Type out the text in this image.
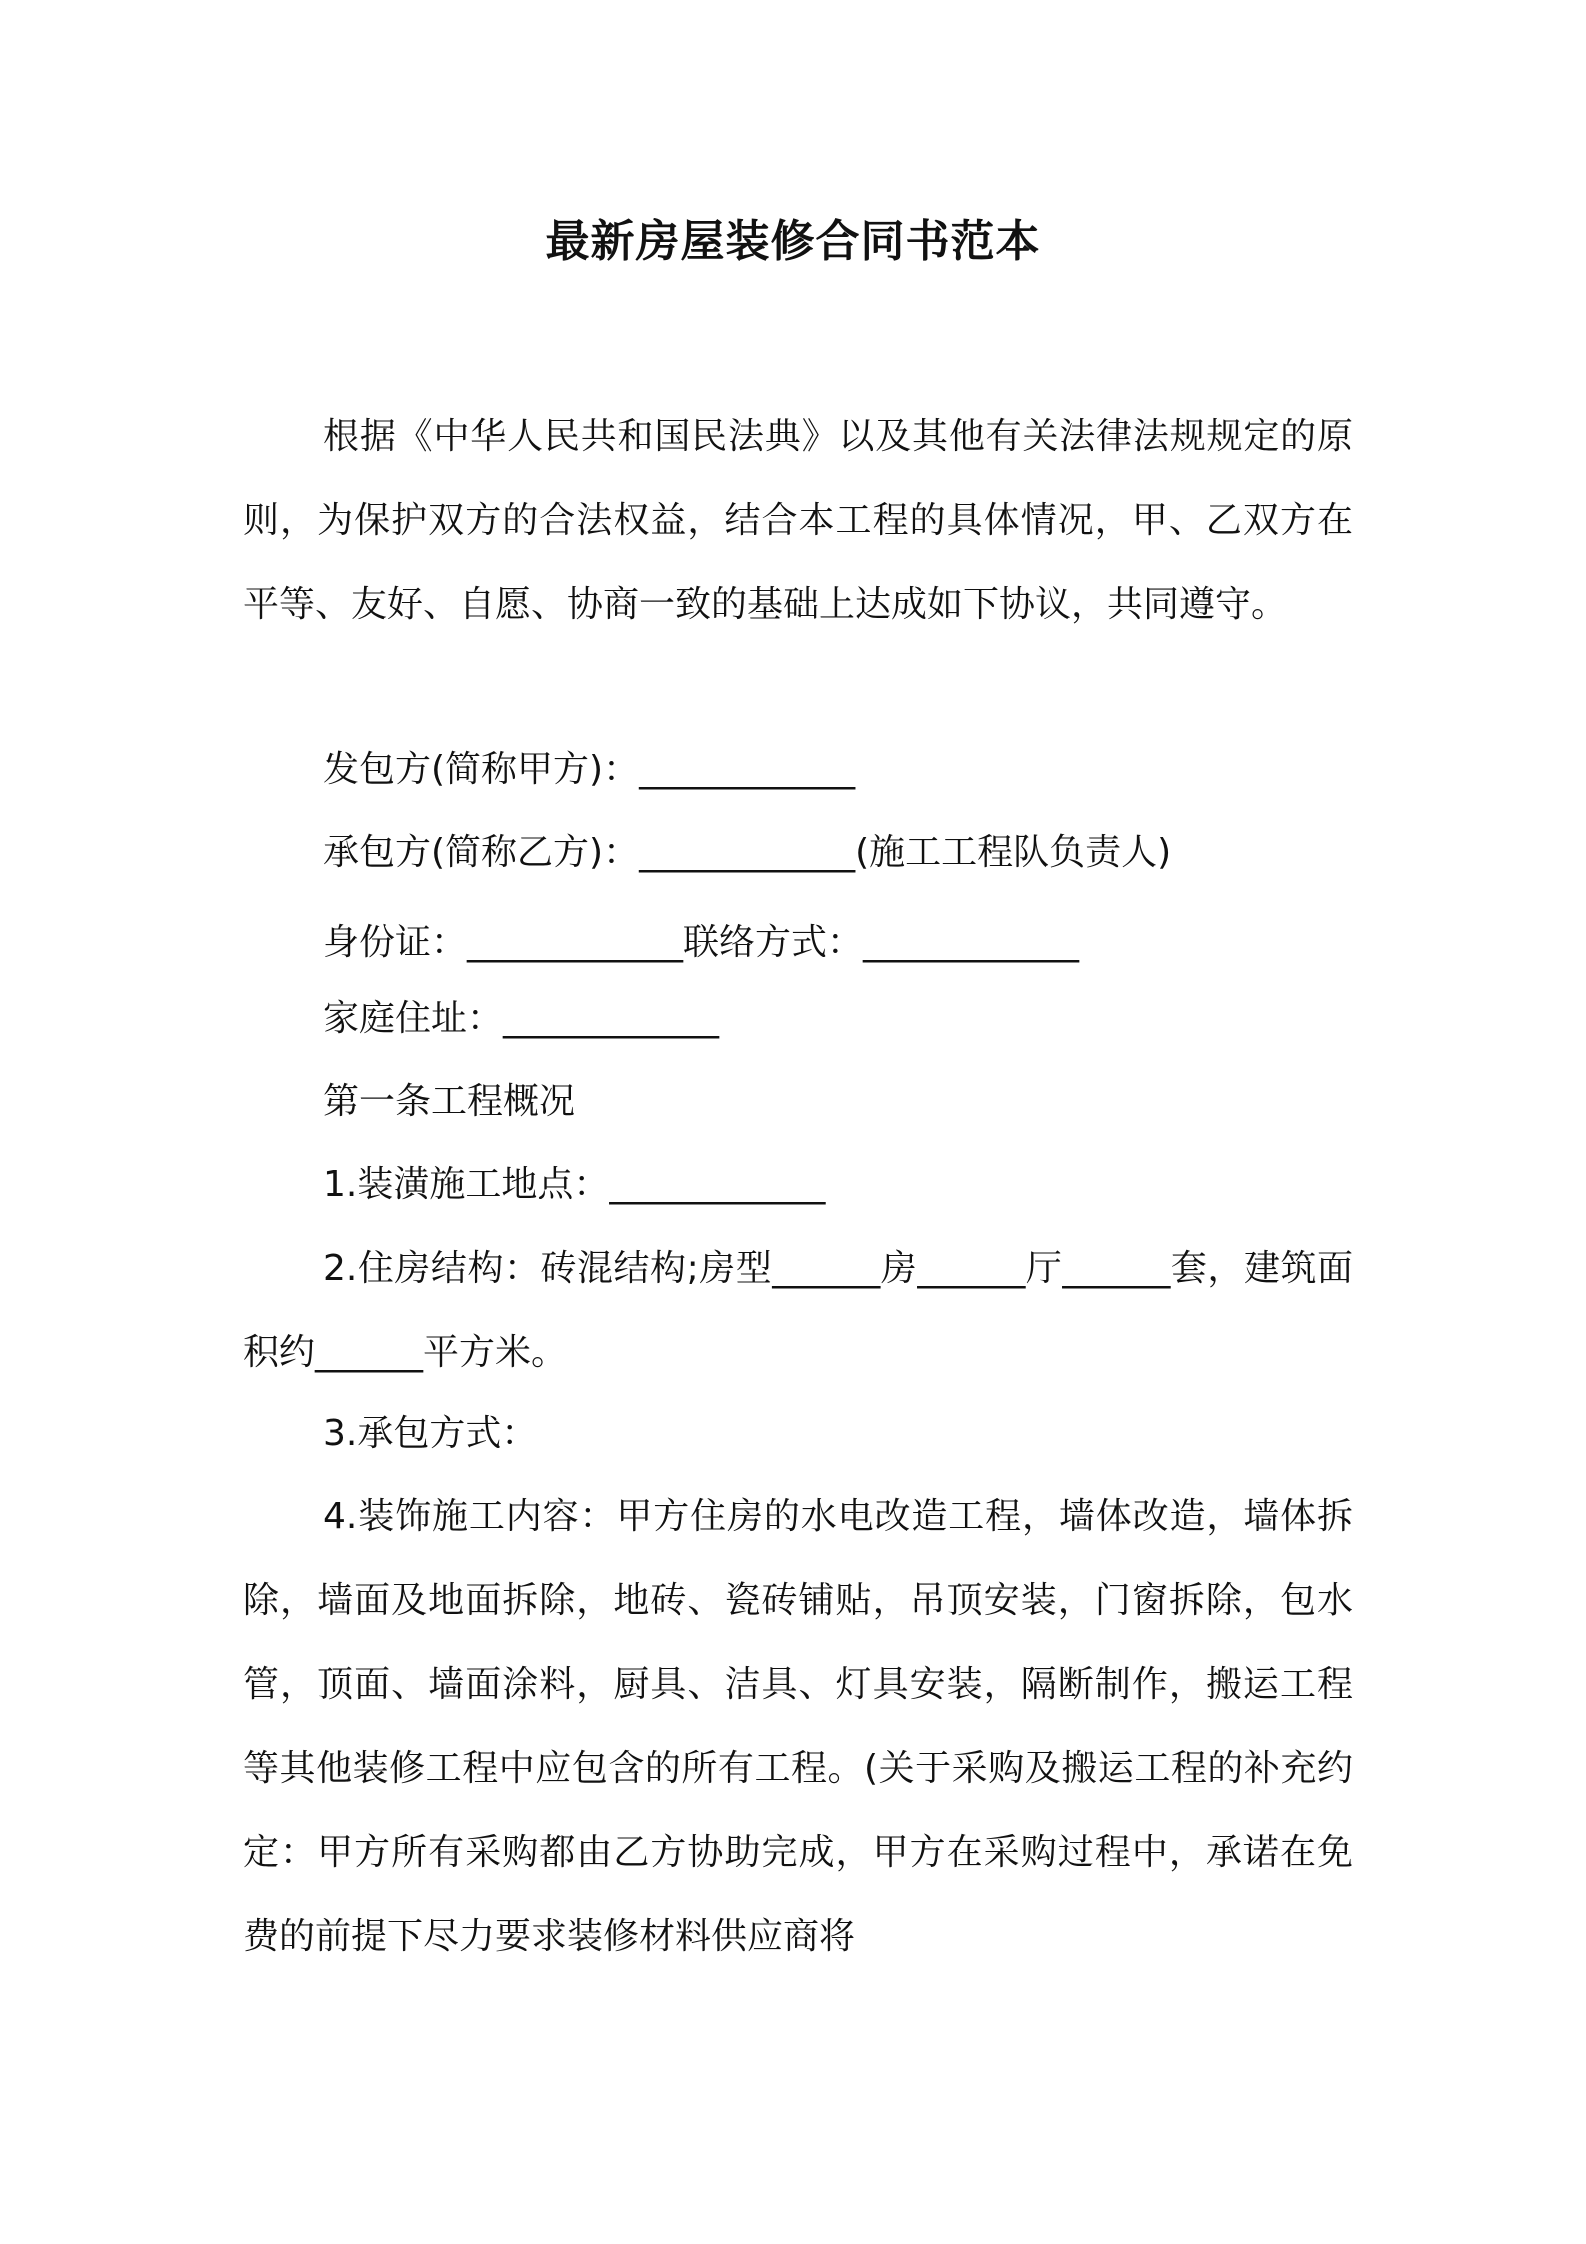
最新房屋装修合同书范本
根据《中华人民共和国民法典》以及其他有关法律法规规定的原则，为保护双方的合法权益，结合本工程的具体情况，甲、乙双方在平等、友好、自愿、协商一致的基础上达成如下协议，共同遵守。
发包方(简称甲方)：____________
承包方(简称乙方)：____________(施工工程队负责人)
身份证：____________联络方式：____________
家庭住址：____________
第一条工程概况
1.装潢施工地点：____________
2.住房结构：砖混结构;房型______房______厅______套，建筑面积约______平方米。
3.承包方式：
4.装饰施工内容：甲方住房的水电改造工程，墙体改造，墙体拆除，墙面及地面拆除，地砖、瓷砖铺贴，吊顶安装，门窗拆除，包水管，顶面、墙面涂料，厨具、洁具、灯具安装，隔断制作，搬运工程等其他装修工程中应包含的所有工程。(关于采购及搬运工程的补充约定：甲方所有采购都由乙方协助完成，甲方在采购过程中，承诺在免费的前提下尽力要求装修材料供应商将
